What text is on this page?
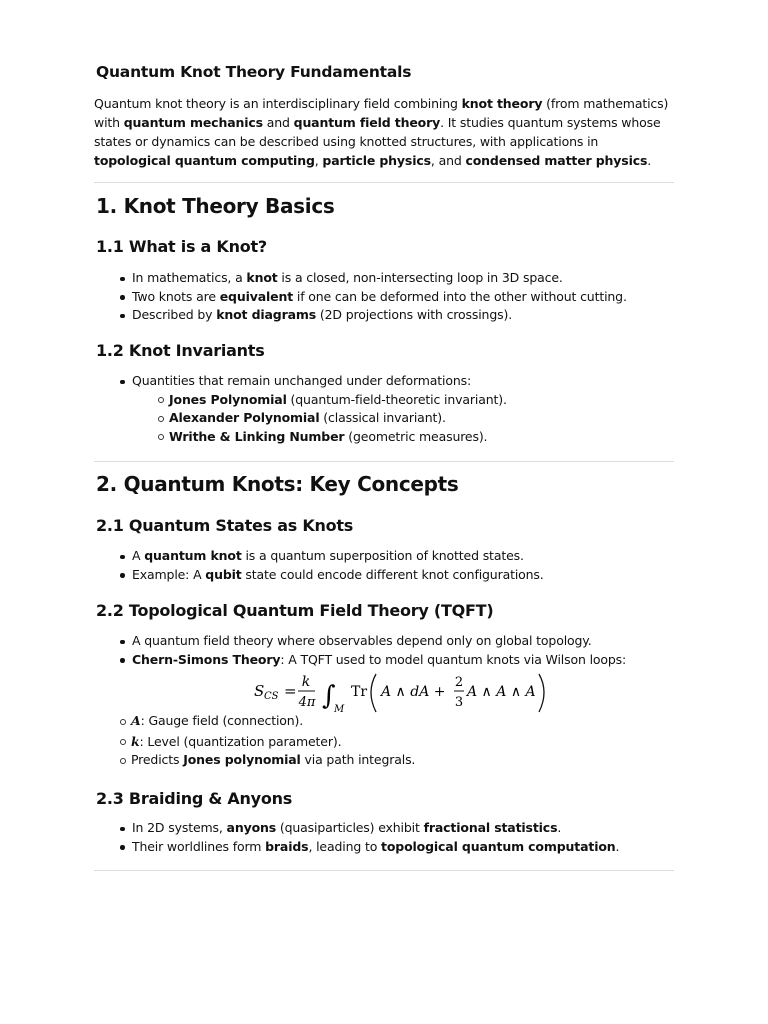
Quantum Knot Theory Fundamentals

Quantum knot theory is an interdisciplinary field combining knot theory (from mathematics) with quantum mechanics and quantum field theory. It studies quantum systems whose states or dynamics can be described using knotted structures, with applications in topological quantum computing, particle physics, and condensed matter physics.

1. Knot Theory Basics
1.1 What is a Knot?
In mathematics, a knot is a closed, non-intersecting loop in 3D space.
Two knots are equivalent if one can be deformed into the other without cutting.
Described by knot diagrams (2D projections with crossings).
1.2 Knot Invariants
Quantities that remain unchanged under deformations:
Jones Polynomial (quantum-field-theoretic invariant).
Alexander Polynomial (classical invariant).
Writhe & Linking Number (geometric measures).
2. Quantum Knots: Key Concepts
2.1 Quantum States as Knots
A quantum knot is a quantum superposition of knotted states.
Example: A qubit state could encode different knot configurations.
2.2 Topological Quantum Field Theory (TQFT)
A quantum field theory where observables depend only on global topology.
Chern-Simons Theory: A TQFT used to model quantum knots via Wilson loops:
S CS = k
4π ∫
M
Tr A ∧ dA +
2
3
A ∧ A ∧ A
A: Gauge field (connection).
k: Level (quantization parameter).
Predicts Jones polynomial via path integrals.
2.3 Braiding & Anyons
In 2D systems, anyons (quasiparticles) exhibit fractional statistics.
Their worldlines form braids, leading to topological quantum computation.
